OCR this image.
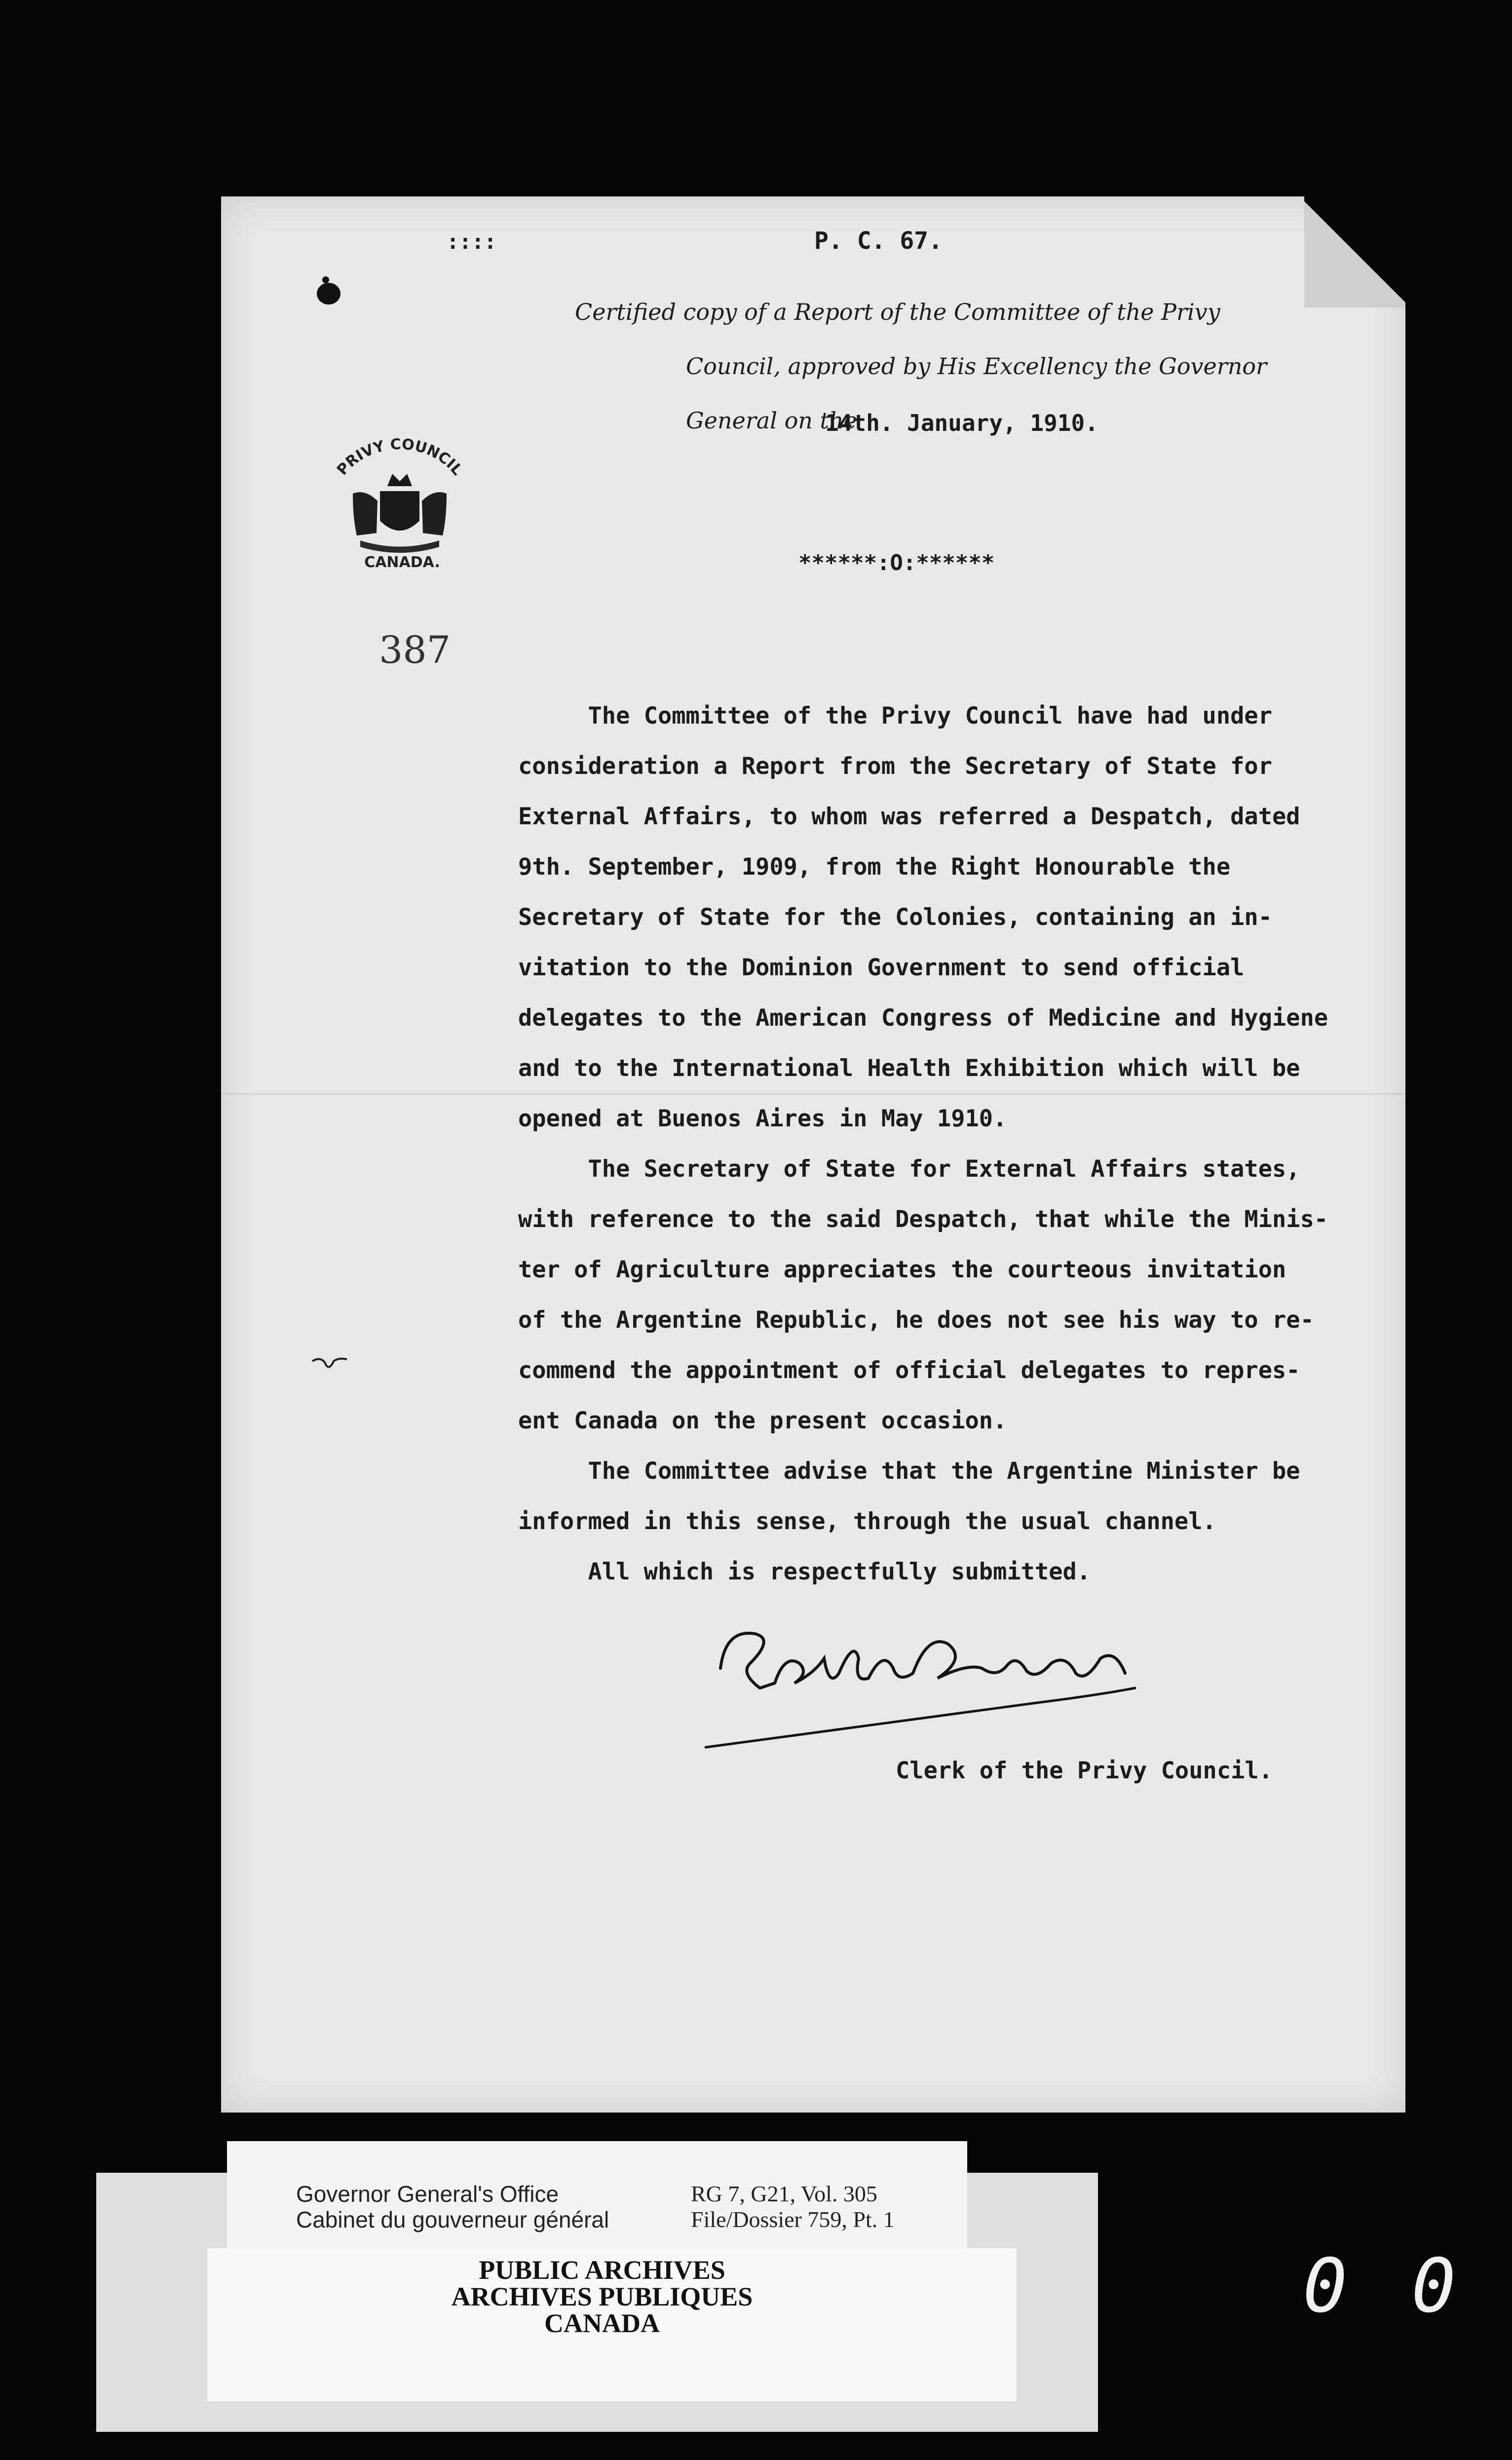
::::	P. C. 67.
Certified copy of a Report of the Committee of the Privy
Council, approved by His Excellency the Governor
General on the
14th. January, 1910.
PRIVY COUNCIL
CANADA.
387
******:O:******
The Committee of the Privy Council have had under
consideration a Report from the Secretary of State for
External Affairs, to whom was referred a Despatch, dated
9th. September, 1909, from the Right Honourable the
Secretary of State for the Colonies, containing an in-
vitation to the Dominion Government to send official
delegates to the American Congress of Medicine and Hygiene
and to the International Health Exhibition which will be
opened at Buenos Aires in May 1910.
The Secretary of State for External Affairs states,
with reference to the said Despatch, that while the Minis-
ter of Agriculture appreciates the courteous invitation
of the Argentine Republic, he does not see his way to re-
commend the appointment of official delegates to repres-
ent Canada on the present occasion.
The Committee advise that the Argentine Minister be
informed in this sense, through the usual channel.
All which is respectfully submitted.
Clerk of the Privy Council.
Governor General's Office
Cabinet du gouverneur général
RG 7, G21, Vol. 305
File/Dossier 759, Pt. 1
PUBLIC ARCHIVES
ARCHIVES PUBLIQUES
CANADA	0 0
